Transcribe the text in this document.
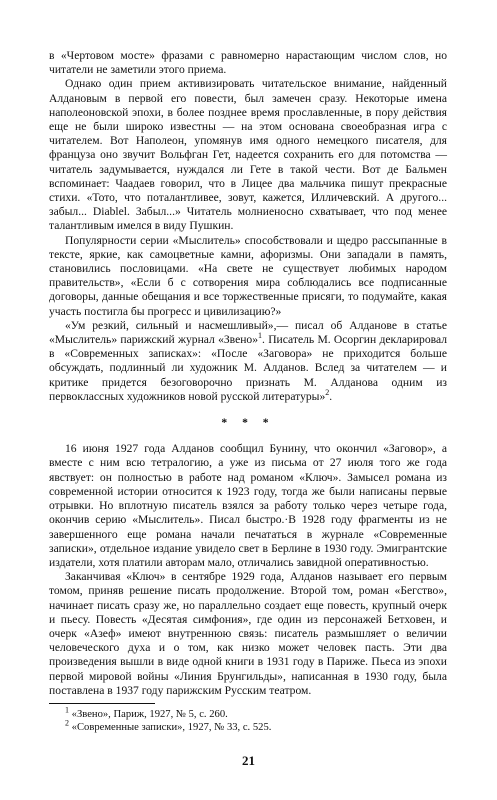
в «Чертовом мосте» фразами с равномерно нарастающим числом слов, но читатели не заметили этого приема.

Однако один прием активизировать читательское внимание, найденный Алдановым в первой его повести, был замечен сразу. Некоторые имена наполеоновской эпохи, в более позднее время прославленные, в пору действия еще не были широко известны — на этом основана своеобразная игра с читателем. Вот Наполеон, упомянув имя одного немецкого писателя, для француза оно звучит Вольфган Гет, надеется сохранить его для потомства — читатель задумывается, нуждался ли Гете в такой чести. Вот де Бальмен вспоминает: Чаадаев говорил, что в Лицее два мальчика пишут прекрасные стихи. «Тото, что поталантливее, зовут, кажется, Илличевский. А другого... забыл... Diablel. Забыл...» Читатель молниеносно схватывает, что под менее талантливым имелся в виду Пушкин.

Популярности серии «Мыслитель» способствовали и щедро рассыпанные в тексте, яркие, как самоцветные камни, афоризмы. Они западали в память, становились пословицами. «На свете не существует любимых народом правительств», «Если б с сотворения мира соблюдались все подписанные договоры, данные обещания и все торжественные присяги, то подумайте, какая участь постигла бы прогресс и цивилизацию?»

«Ум резкий, сильный и насмешливый»,— писал об Алданове в статье «Мыслитель» парижский журнал «Звено»$^1$. Писатель М. Осоргин декларировал в «Современных записках»: «После «Заговора» не приходится больше обсуждать, подлинный ли художник М. Алданов. Вслед за читателем — и критике придется безоговорочно признать М. Алданова одним из первоклассных художников новой русской литературы»$^2$.

* * *

16 июня 1927 года Алданов сообщил Бунину, что окончил «Заговор», а вместе с ним всю тетралогию, а уже из письма от 27 июля того же года явствует: он полностью в работе над романом «Ключ». Замысел романа из современной истории относится к 1923 году, тогда же были написаны первые отрывки. Но вплотную писатель взялся за работу только через четыре года, окончив серию «Мыслитель». Писал быстро.·В 1928 году фрагменты из не завершенного еще романа начали печататься в журнале «Современные записки», отдельное издание увидело свет в Берлине в 1930 году. Эмигрантские издатели, хотя платили авторам мало, отличались завидной оперативностью.

Заканчивая «Ключ» в сентябре 1929 года, Алданов называет его первым томом, приняв решение писать продолжение. Второй том, роман «Бегство», начинает писать сразу же, но параллельно создает еще повесть, крупный очерк и пьесу. Повесть «Десятая симфония», где один из персонажей Бетховен, и очерк «Азеф» имеют внутреннюю связь: писатель размышляет о величии человеческого духа и о том, как низко может человек пасть. Эти два произведения вышли в виде одной книги в 1931 году в Париже. Пьеса из эпохи первой мировой войны «Линия Брунгильды», написанная в 1930 году, была поставлена в 1937 году парижским Русским театром.

$^1$ «Звено», Париж, 1927, № 5, с. 260.

$^2$ «Современные записки», 1927, № 33, с. 525.

21
